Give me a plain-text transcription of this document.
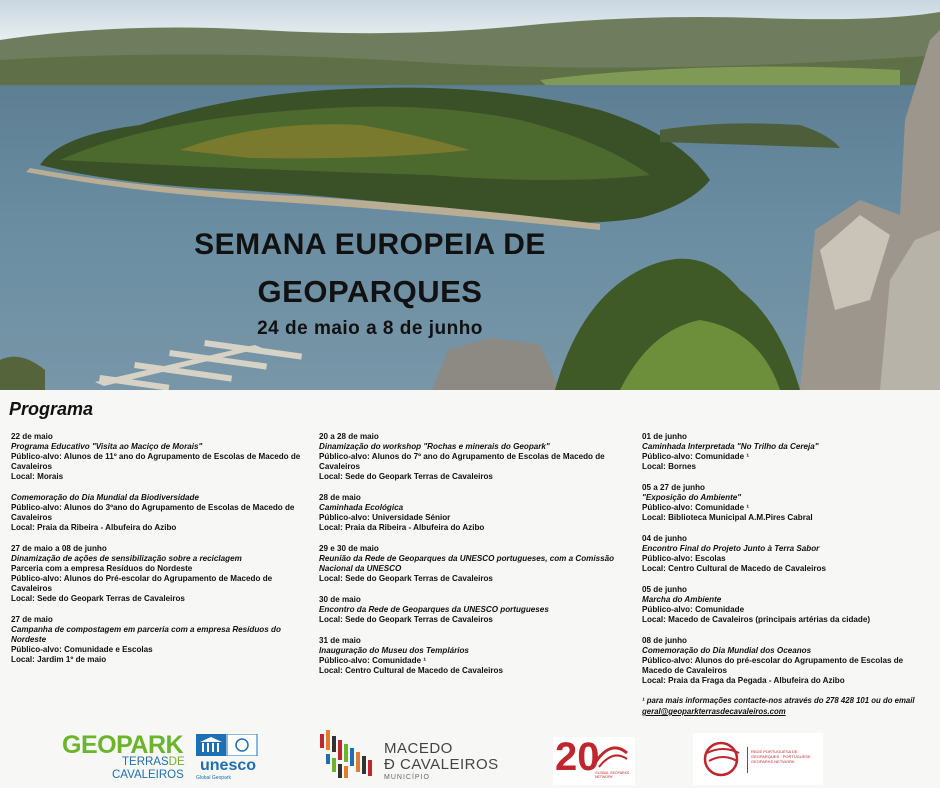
SEMANA EUROPEIA DE
GEOPARQUES
24 de maio a 8 de junho
Programa
22 de maio
Programa Educativo "Visita ao Maciço de Morais"
Público-alvo: Alunos de 11º ano do Agrupamento de Escolas de Macedo de Cavaleiros
Local: Morais
Comemoração do Dia Mundial da Biodiversidade
Público-alvo: Alunos do 3ºano do Agrupamento de Escolas de Macedo de Cavaleiros
Local: Praia da Ribeira - Albufeira do Azibo
27 de maio a 08 de junho
Dinamização de ações de sensibilização sobre a reciclagem
Parceria com a empresa Resíduos do Nordeste
Público-alvo: Alunos do Pré-escolar do Agrupamento de Macedo de Cavaleiros
Local: Sede do Geopark Terras de Cavaleiros
27 de maio
Campanha de compostagem em parceria com a empresa Resíduos do Nordeste
Público-alvo: Comunidade e Escolas
Local: Jardim 1º de maio
20 a 28 de maio
Dinamização do workshop "Rochas e minerais do Geopark"
Público-alvo: Alunos do 7º ano do Agrupamento de Escolas de Macedo de Cavaleiros
Local: Sede do Geopark Terras de Cavaleiros
28 de maio
Caminhada Ecológica
Público-alvo: Universidade Sénior
Local: Praia da Ribeira - Albufeira do Azibo
29 e 30 de maio
Reunião da Rede de Geoparques da UNESCO portugueses, com a Comissão Nacional da UNESCO
Local: Sede do Geopark Terras de Cavaleiros
30 de maio
Encontro da Rede de Geoparques da UNESCO portugueses
Local: Sede do Geopark Terras de Cavaleiros
31 de maio
Inauguração do Museu dos Templários
Público-alvo: Comunidade ¹
Local: Centro Cultural de Macedo de Cavaleiros
01 de junho
Caminhada Interpretada "No Trilho da Cereja"
Público-alvo: Comunidade ¹
Local: Bornes
05 a 27 de junho
"Exposição do Ambiente"
Público-alvo: Comunidade ¹
Local: Biblioteca Municipal A.M.Pires Cabral
04 de junho
Encontro Final do Projeto Junto à Terra Sabor
Público-alvo: Escolas
Local: Centro Cultural de Macedo de Cavaleiros
05 de junho
Marcha do Ambiente
Público-alvo: Comunidade
Local: Macedo de Cavaleiros (principais artérias da cidade)
08 de junho
Comemoração do Dia Mundial dos Oceanos
Público-alvo: Alunos do pré-escolar do Agrupamento de Escolas de Macedo de Cavaleiros
Local: Praia da Fraga da Pegada - Albufeira do Azibo
¹ para mais informações contacte-nos através do 278 428 101 ou do email
geral@geoparkterrasdecavaleiros.com
GEOPARK
TERRASDE
CAVALEIROS
unesco
Global Geopark
MACEDO
Đ CAVALEIROS
MUNICÍPIO	20
GLOBAL GEOPARKS NETWORK
REDE PORTUGUESA DE GEOPARQUES · PORTUGUESE GEOPARKS NETWORK
